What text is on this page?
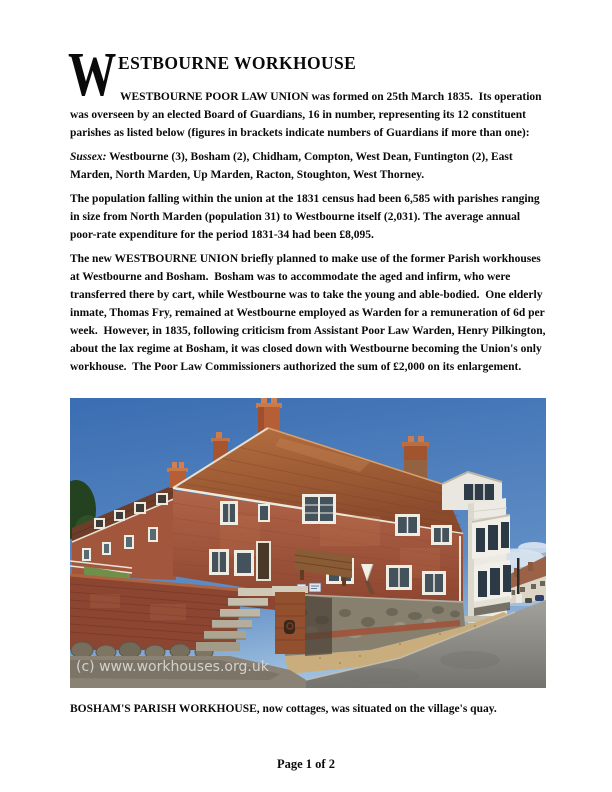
W ESTBOURNE WORKHOUSE

WESTBOURNE POOR LAW UNION was formed on 25th March 1835.  Its operation was overseen by an elected Board of Guardians, 16 in number, representing its 12 constituent parishes as listed below (figures in brackets indicate numbers of Guardians if more than one):

Sussex: Westbourne (3), Bosham (2), Chidham, Compton, West Dean, Funtington (2), East Marden, North Marden, Up Marden, Racton, Stoughton, West Thorney.

The population falling within the union at the 1831 census had been 6,585 with parishes ranging in size from North Marden (population 31) to Westbourne itself (2,031). The average annual poor-rate expenditure for the period 1831-34 had been £8,095.

The new WESTBOURNE UNION briefly planned to make use of the former Parish workhouses at Westbourne and Bosham.  Bosham was to accommodate the aged and infirm, who were transferred there by cart, while Westbourne was to take the young and able-bodied.  One elderly inmate, Thomas Fry, remained at Westbourne employed as Warden for a remuneration of 6d per week.  However, in 1835, following criticism from Assistant Poor Law Warden, Henry Pilkington, about the lax regime at Bosham, it was closed down with Westbourne becoming the Union's only workhouse.  The Poor Law Commissioners authorized the sum of £2,000 on its enlargement.

(c) www.workhouses.org.uk

BOSHAM'S PARISH WORKHOUSE, now cottages, was situated on the village's quay.

Page 1 of 2
